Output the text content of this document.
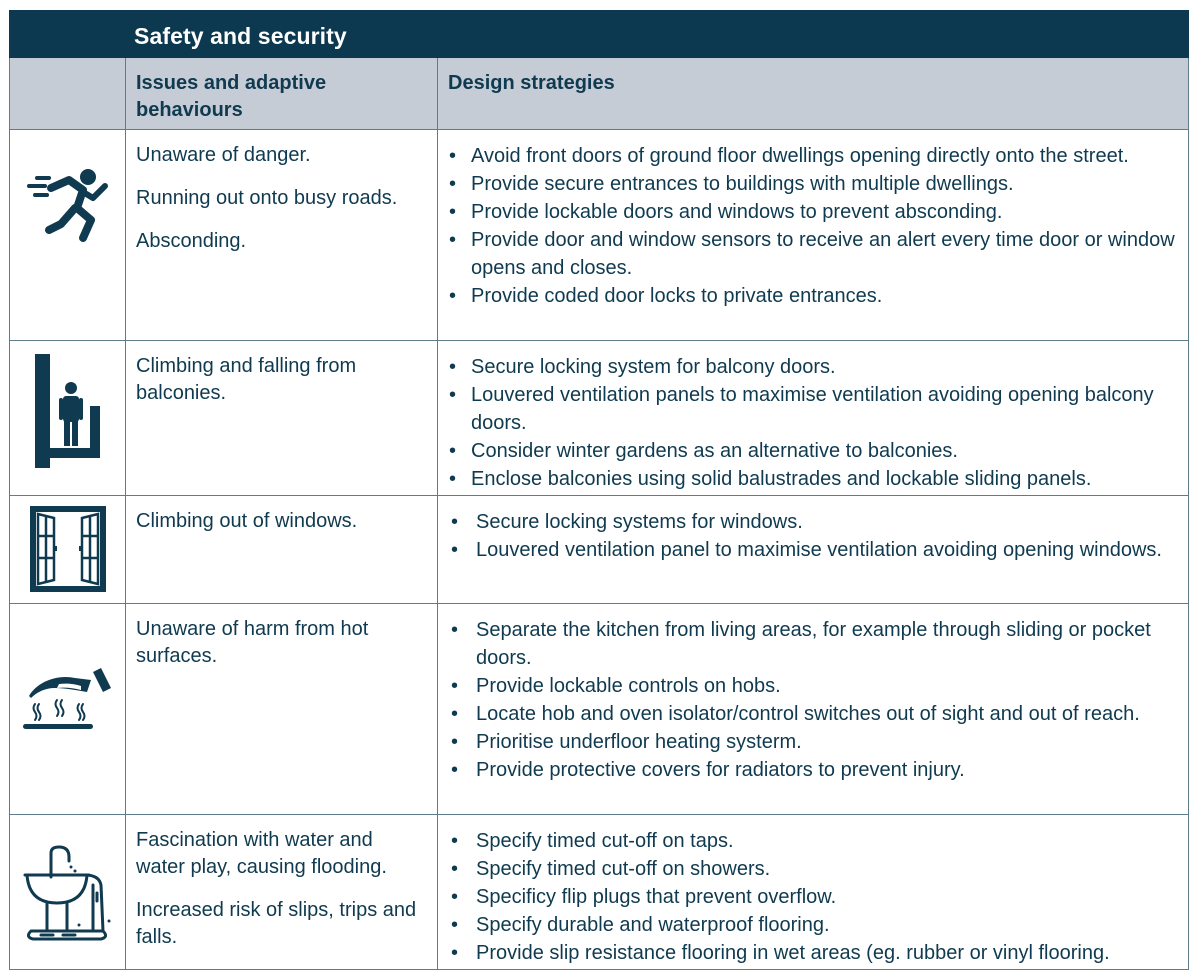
Safety and security
Issues and adaptive behaviours
Design strategies

Unaware of danger.

Running out onto busy roads.

Absconding.

• Avoid front doors of ground floor dwellings opening directly onto the street.
• Provide secure entrances to buildings with multiple dwellings.
• Provide lockable doors and windows to prevent absconding.
• Provide door and window sensors to receive an alert every time door or window opens and closes.
• Provide coded door locks to private entrances.

Climbing and falling from balconies.

• Secure locking system for balcony doors.
• Louvered ventilation panels to maximise ventilation avoiding opening balcony doors.
• Consider winter gardens as an alternative to balconies.
• Enclose balconies using solid balustrades and lockable sliding panels.

Climbing out of windows.	• Secure locking systems for windows.
• Louvered ventilation panel to maximise ventilation avoiding opening windows.

Unaware of harm from hot surfaces.

• Separate the kitchen from living areas, for example through sliding or pocket doors.
• Provide lockable controls on hobs.
• Locate hob and oven isolator/control switches out of sight and out of reach.
• Prioritise underfloor heating systerm.
• Provide protective covers for radiators to prevent injury.

Fascination with water and water play, causing flooding.

Increased risk of slips, trips and falls.

• Specify timed cut-off on taps.
• Specify timed cut-off on showers.
• Specificy flip plugs that prevent overflow.
• Specify durable and waterproof flooring.
• Provide slip resistance flooring in wet areas (eg. rubber or vinyl flooring.
